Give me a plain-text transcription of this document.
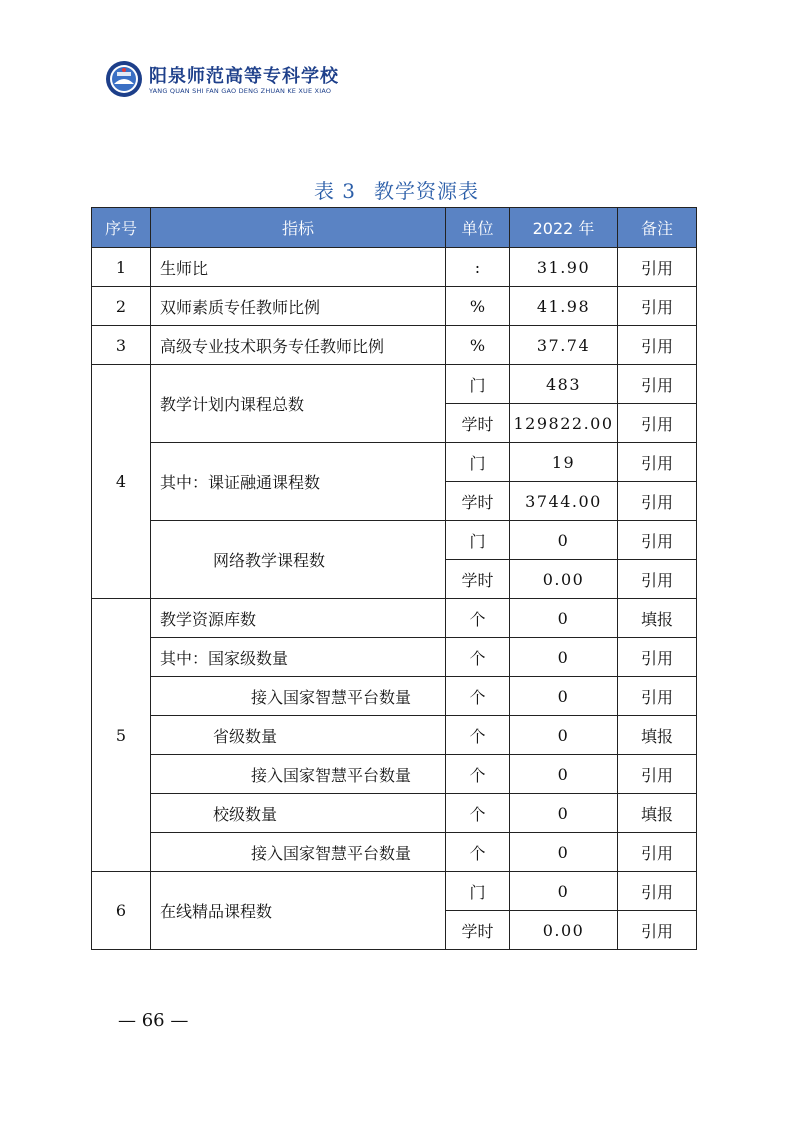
阳泉师范高等专科学校
YANG QUAN SHI FAN GAO DENG ZHUAN KE XUE XIAO
表 3 教学资源表
序号	指标	单位	2022 年	备注
1	生师比	:	31.90	引用
2	双师素质专任教师比例	%	41.98	引用
3	高级专业技术职务专任教师比例	%	37.74	引用
4	教学计划内课程总数	门	483	引用
		学时	129822.00	引用
	其中：课证融通课程数	门	19	引用
		学时	3744.00	引用
	网络教学课程数	门	0	引用
		学时	0.00	引用
5	教学资源库数	个	0	填报
	其中：国家级数量	个	0	引用
	接入国家智慧平台数量	个	0	引用
	省级数量	个	0	填报
	接入国家智慧平台数量	个	0	引用
	校级数量	个	0	填报
	接入国家智慧平台数量	个	0	引用
6	在线精品课程数	门	0	引用
		学时	0.00	引用
— 66 —
